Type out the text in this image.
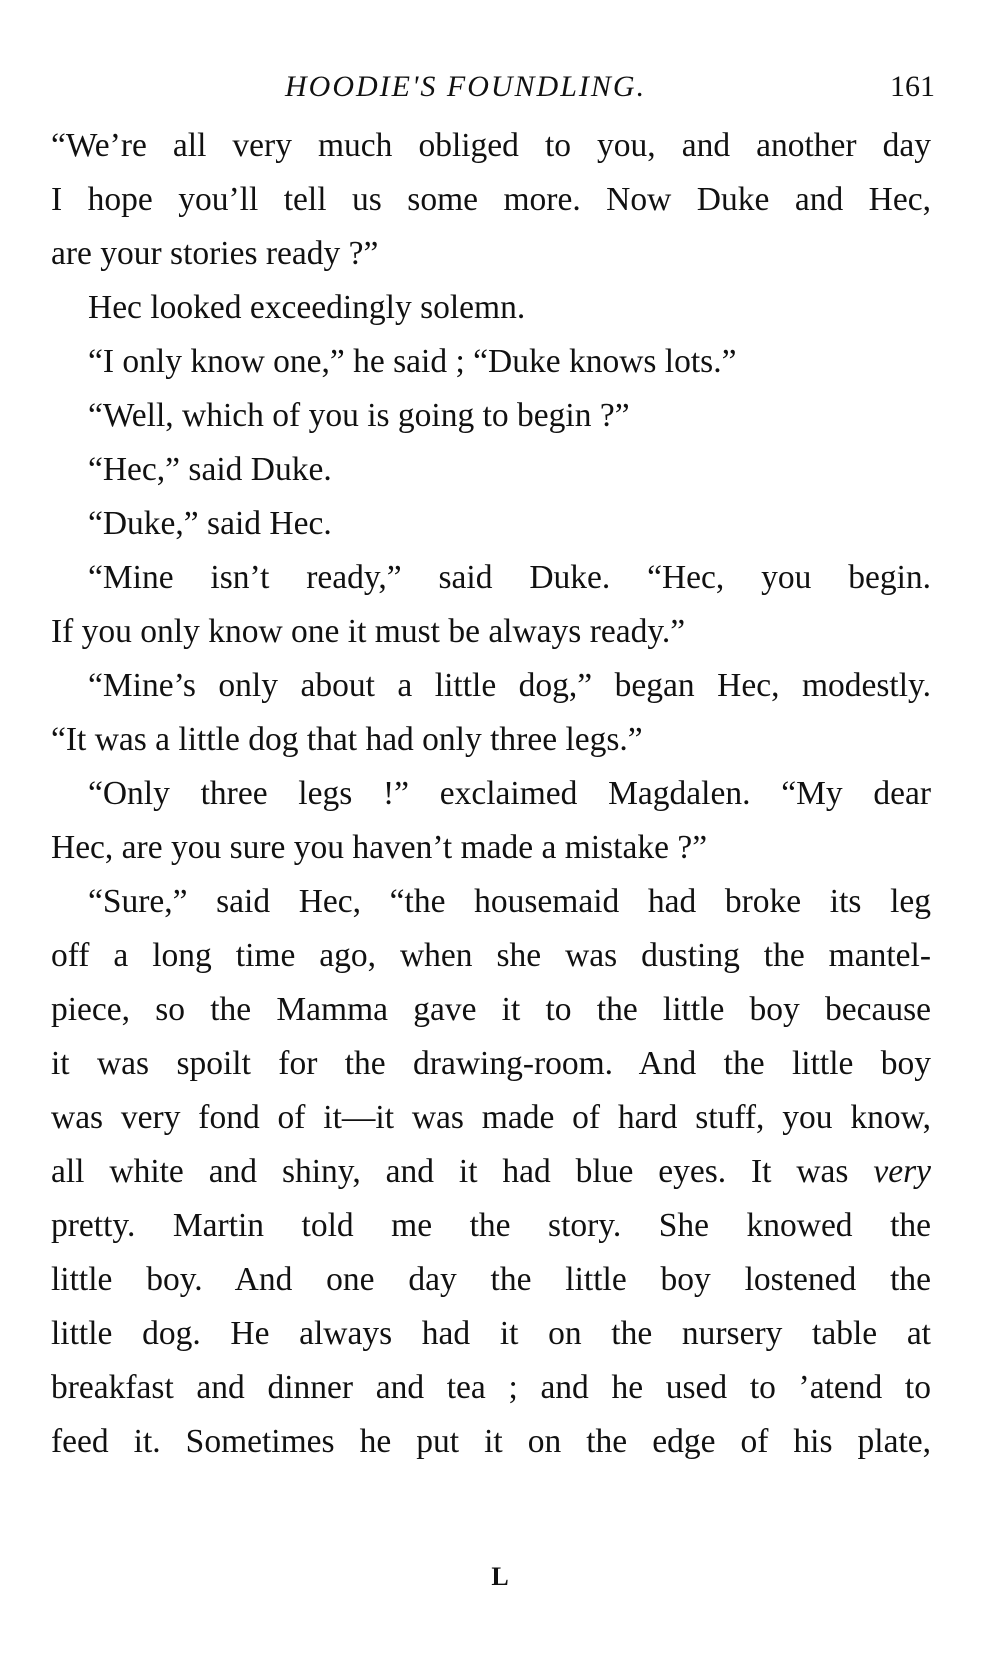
HOODIE'S FOUNDLING.	161
“We’re all very much obliged to you, and another day
I hope you’ll tell us some more. Now Duke and Hec,
are your stories ready ?”
Hec looked exceedingly solemn.
“I only know one,” he said ; “Duke knows lots.”
“Well, which of you is going to begin ?”
“Hec,” said Duke.
“Duke,” said Hec.
“Mine isn’t ready,” said Duke. “Hec, you begin.
If you only know one it must be always ready.”
“Mine’s only about a little dog,” began Hec, modestly.
“It was a little dog that had only three legs.”
“Only three legs !” exclaimed Magdalen. “My dear
Hec, are you sure you haven’t made a mistake ?”
“Sure,” said Hec, “the housemaid had broke its leg
off a long time ago, when she was dusting the mantel-
piece, so the Mamma gave it to the little boy because
it was spoilt for the drawing-room. And the little boy
was very fond of it—it was made of hard stuff, you know,
all white and shiny, and it had blue eyes. It was very
pretty. Martin told me the story. She knowed the
little boy. And one day the little boy lostened the
little dog. He always had it on the nursery table at
breakfast and dinner and tea ; and he used to ’atend to
feed it. Sometimes he put it on the edge of his plate,
L
